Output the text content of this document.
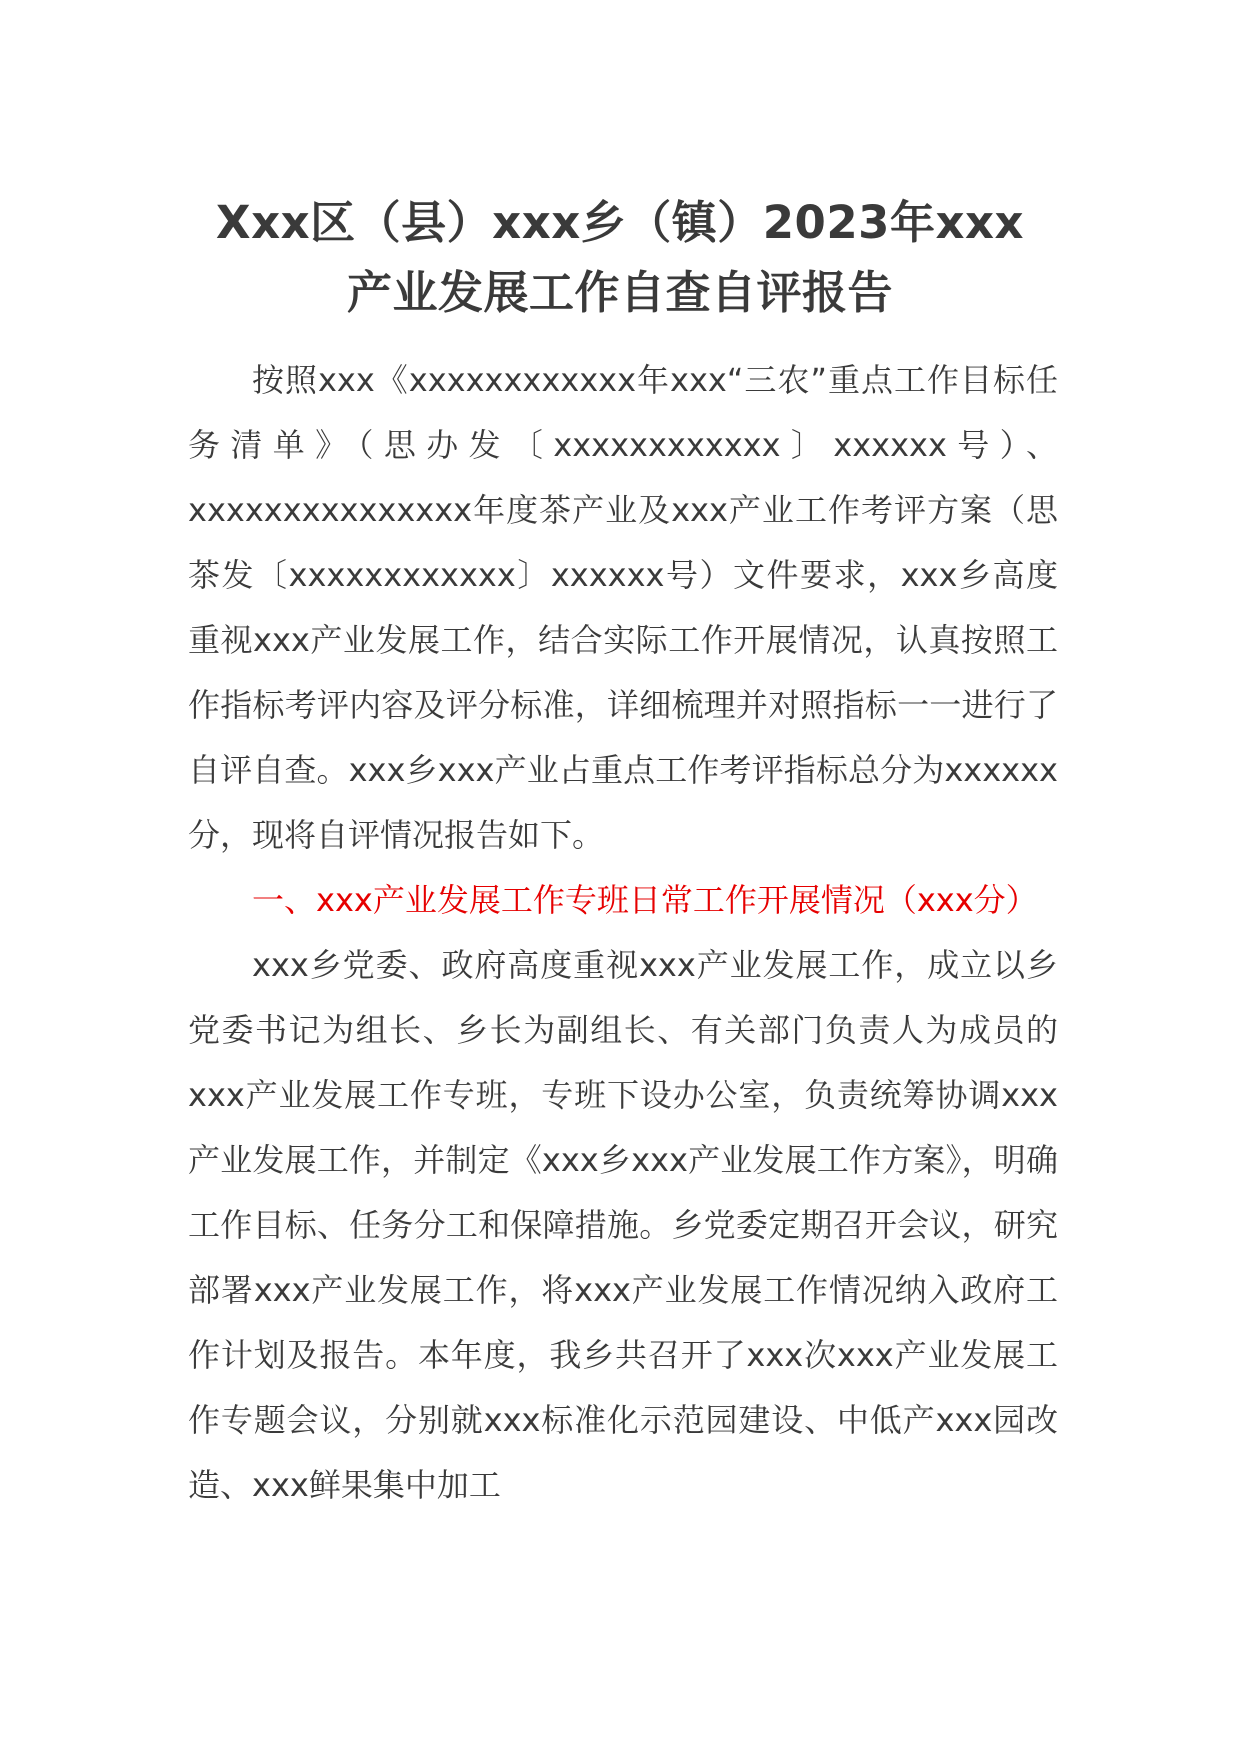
Xxx区（县）xxx乡（镇）2023年xxx
产业发展工作自查自评报告

按照xxx《xxxxxxxxxxxx年xxx“三农”重点工作目标任务清单》（思办发〔xxxxxxxxxxxx〕xxxxxx号）、xxxxxxxxxxxxxxx年度茶产业及xxx产业工作考评方案（思茶发〔xxxxxxxxxxxx〕xxxxxx号）文件要求，xxx乡高度重视xxx产业发展工作，结合实际工作开展情况，认真按照工作指标考评内容及评分标准，详细梳理并对照指标一一进行了自评自查。xxx乡xxx产业占重点工作考评指标总分为xxxxxx分，现将自评情况报告如下。

一、xxx产业发展工作专班日常工作开展情况（xxx分）

xxx乡党委、政府高度重视xxx产业发展工作，成立以乡党委书记为组长、乡长为副组长、有关部门负责人为成员的xxx产业发展工作专班，专班下设办公室，负责统筹协调xxx产业发展工作，并制定《xxx乡xxx产业发展工作方案》，明确工作目标、任务分工和保障措施。乡党委定期召开会议，研究部署xxx产业发展工作，将xxx产业发展工作情况纳入政府工作计划及报告。本年度，我乡共召开了xxx次xxx产业发展工作专题会议，分别就xxx标准化示范园建设、中低产xxx园改造、xxx鲜果集中加工
